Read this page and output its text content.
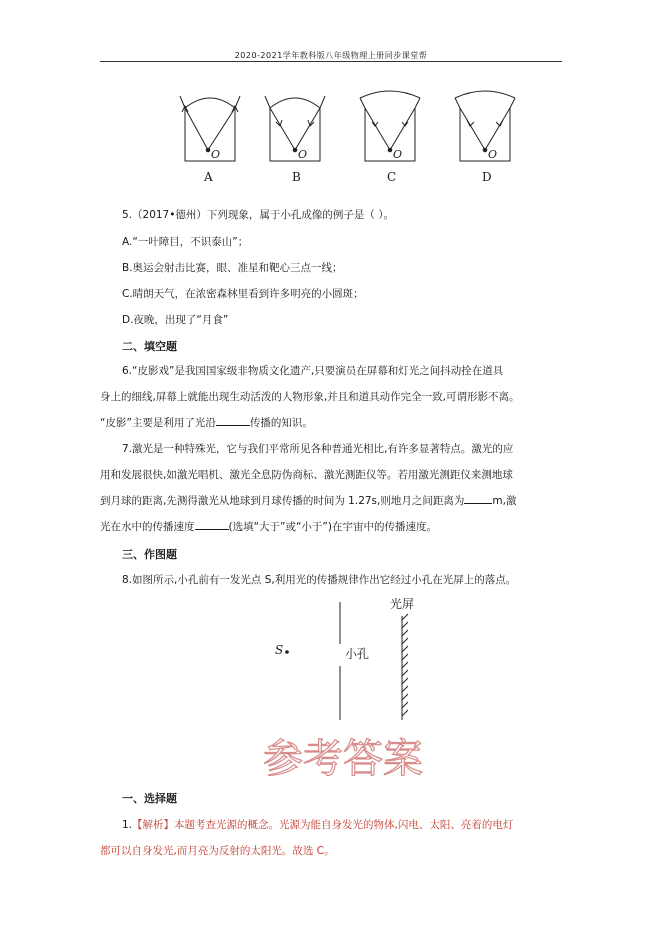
2020-2021学年教科版八年级物理上册同步课堂帮
O	O	O	O
A	B	C	D
5.（2017•德州）下列现象，属于小孔成像的例子是（ ）。
A.“一叶障目，不识泰山”；
B.奥运会射击比赛，眼、准星和靶心三点一线；
C.晴朗天气，在浓密森林里看到许多明亮的小圆斑；
D.夜晚，出现了“月食”
二、填空题
6.“皮影戏”是我国国家级非物质文化遗产,只要演员在屏幕和灯光之间抖动拴在道具
身上的细线,屏幕上就能出现生动活泼的人物形象,并且和道具动作完全一致,可谓形影不离。
“皮影”主要是利用了光沿	传播的知识。
7.激光是一种特殊光，它与我们平常所见各种普通光相比,有许多显著特点。激光的应
用和发展很快,如激光唱机、激光全息防伪商标、激光测距仪等。若用激光测距仪来测地球
到月球的距离,先测得激光从地球到月球传播的时间为 1.27s,则地月之间距离为	m,激
光在水中的传播速度	(选填“大于”或“小于”)在宇宙中的传播速度。
三、作图题
8.如图所示,小孔前有一发光点 S,利用光的传播规律作出它经过小孔在光屏上的落点。
S	小孔
光屏
参考答案
一、选择题
1.【解析】本题考查光源的概念。光源为能自身发光的物体,闪电、太阳、亮着的电灯
都可以自身发光,而月亮为反射的太阳光。故选 C。
